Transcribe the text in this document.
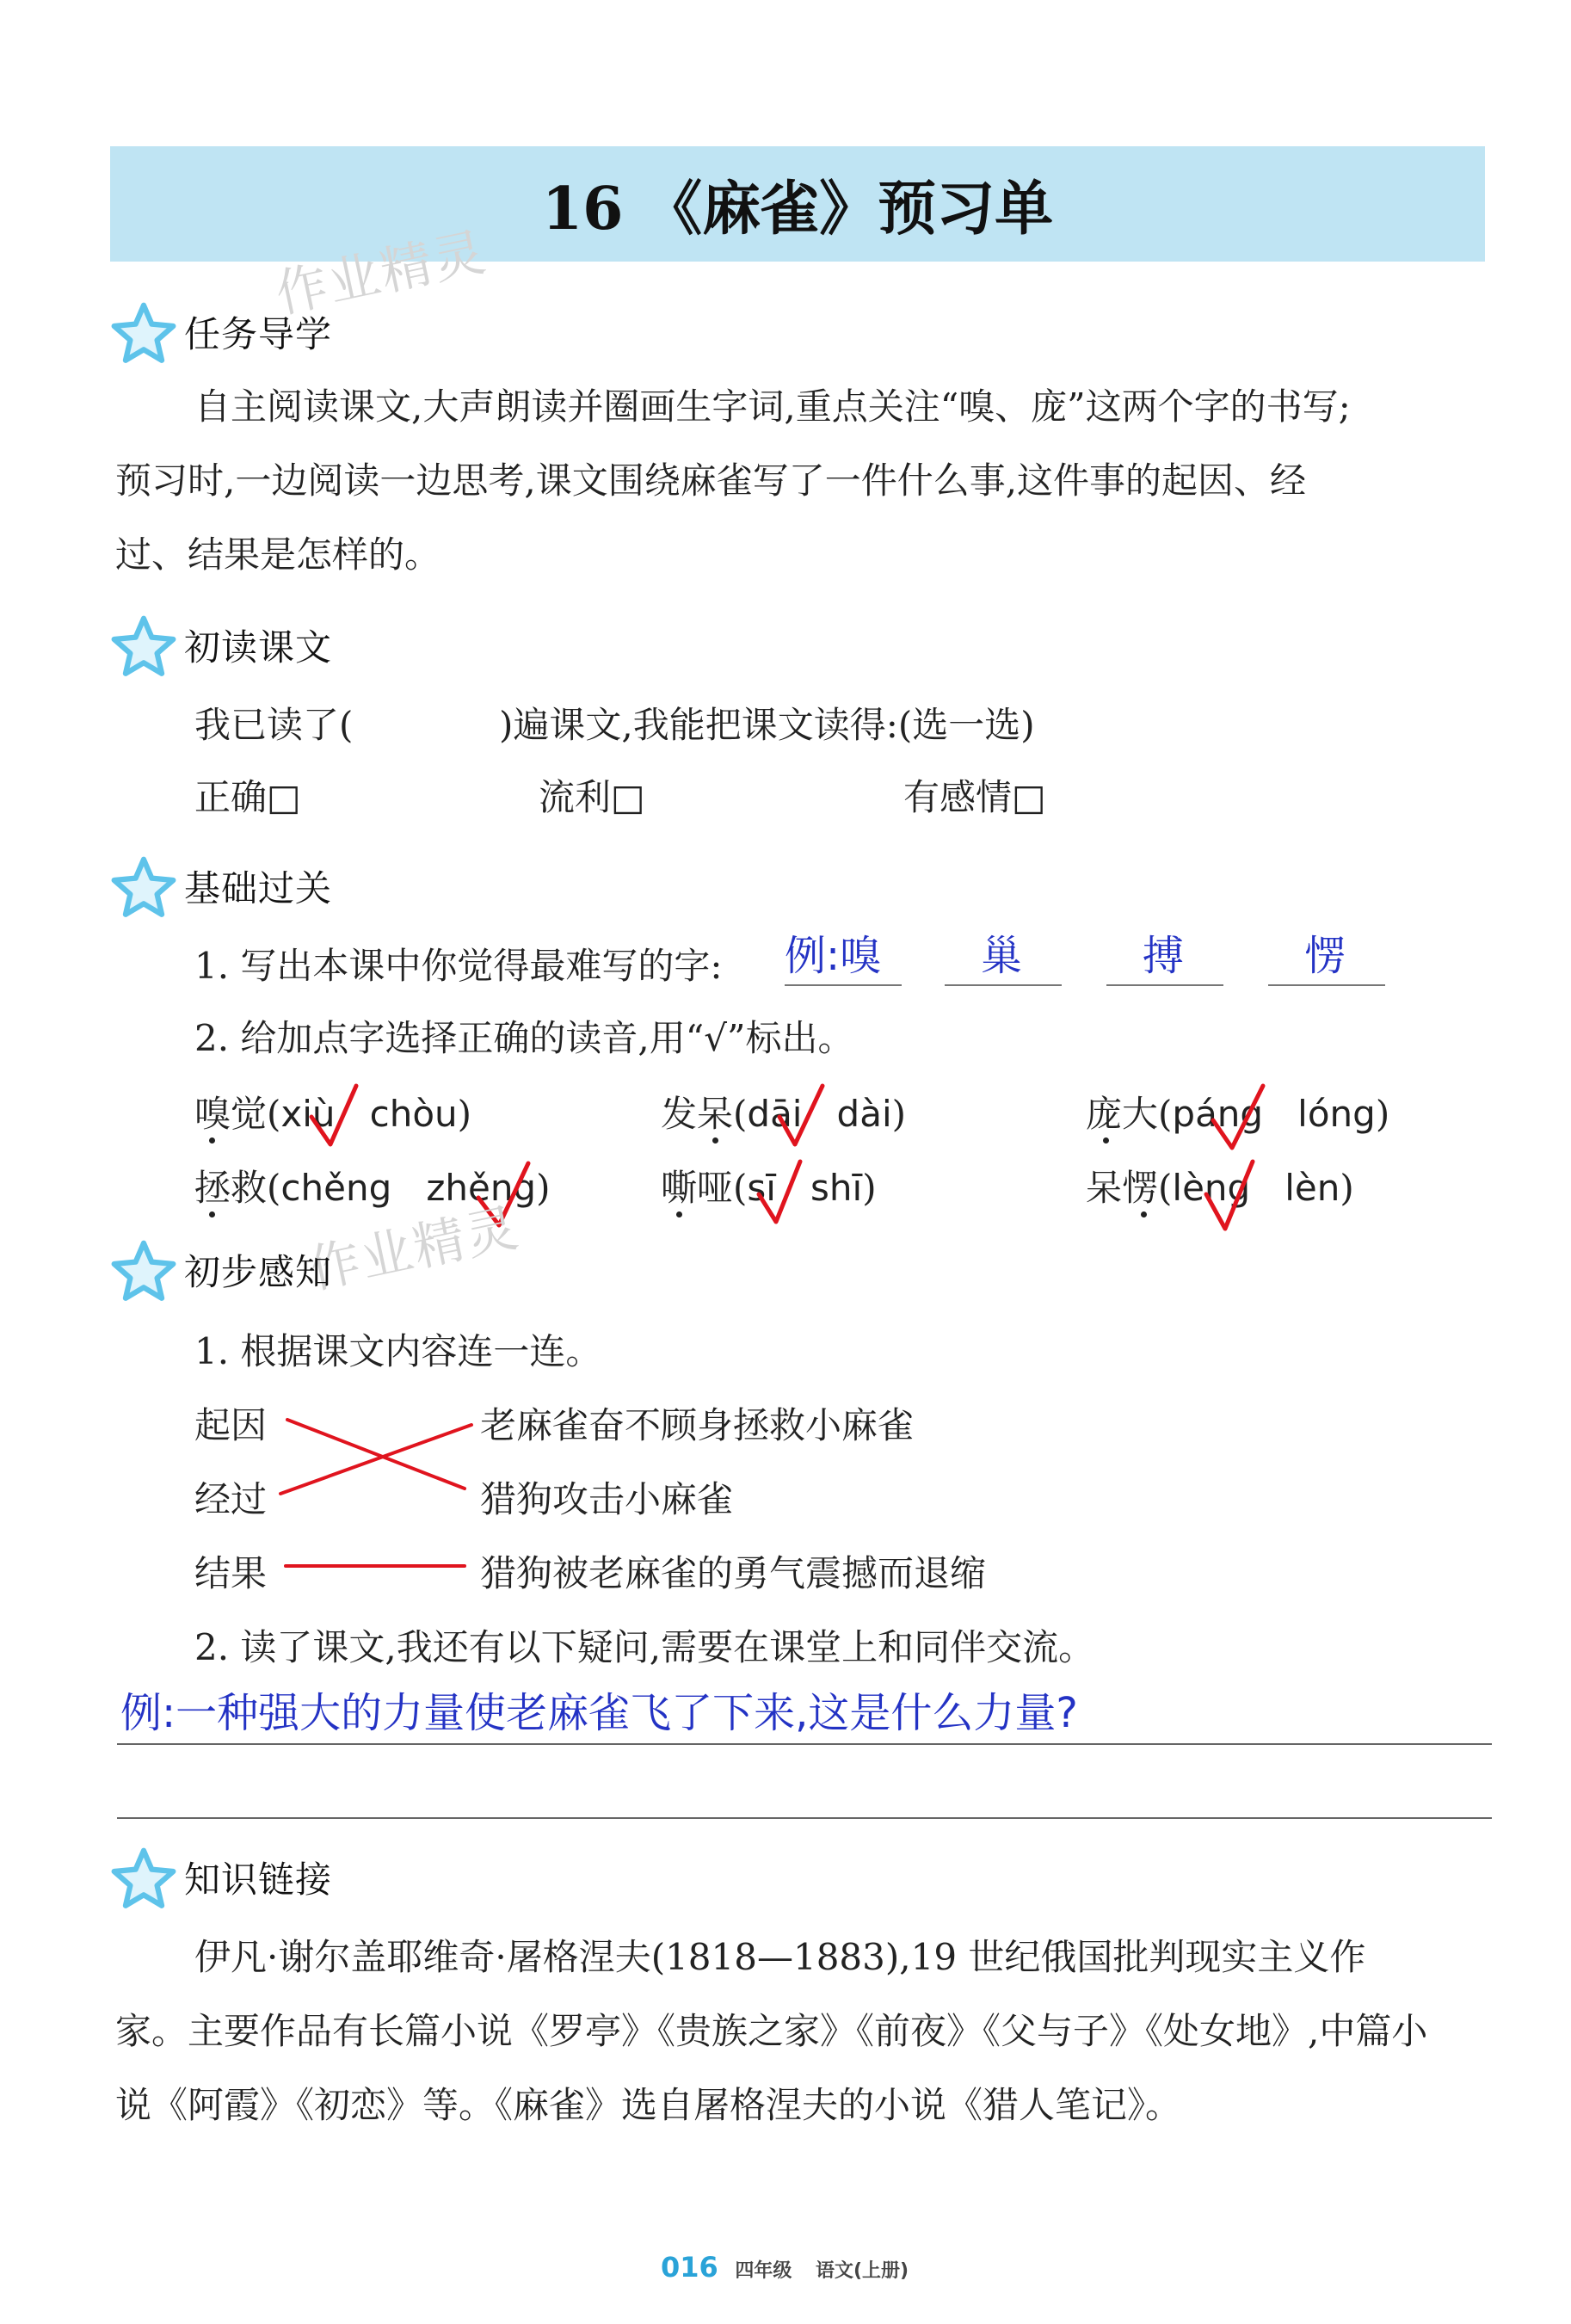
16 《麻雀》预习单
作业精灵
任务导学
自主阅读课文,大声朗读并圈画生字词,重点关注“嗅、庞”这两个字的书写;
预习时,一边阅读一边思考,课文围绕麻雀写了一件什么事,这件事的起因、经
过、结果是怎样的。
初读课文
我已读了(	)遍课文,我能把课文读得:(选一选)
正确□	流利□	有感情□
基础过关
1. 写出本课中你觉得最难写的字: 例:嗅 巢	搏	愣
2. 给加点字选择正确的读音,用“√”标出。
嗅觉(xiù chòu)	发呆(dāi dài)	庞大(páng lóng)
拯救(chěng zhěng)	嘶哑(sī shī)	呆愣(lèng lèn)
作业精灵
初步感知
1. 根据课文内容连一连。
起因
经过
结果
老麻雀奋不顾身拯救小麻雀
猎狗攻击小麻雀
猎狗被老麻雀的勇气震撼而退缩
2. 读了课文,我还有以下疑问,需要在课堂上和同伴交流。
例:一种强大的力量使老麻雀飞了下来,这是什么力量?
知识链接
伊凡·谢尔盖耶维奇·屠格涅夫(1818—1883),19 世纪俄国批判现实主义作
家。主要作品有长篇小说《罗亭》《贵族之家》《前夜》《父与子》《处女地》,中篇小
说《阿霞》《初恋》等。《麻雀》选自屠格涅夫的小说《猎人笔记》。
016 四年级 语文(上册)
